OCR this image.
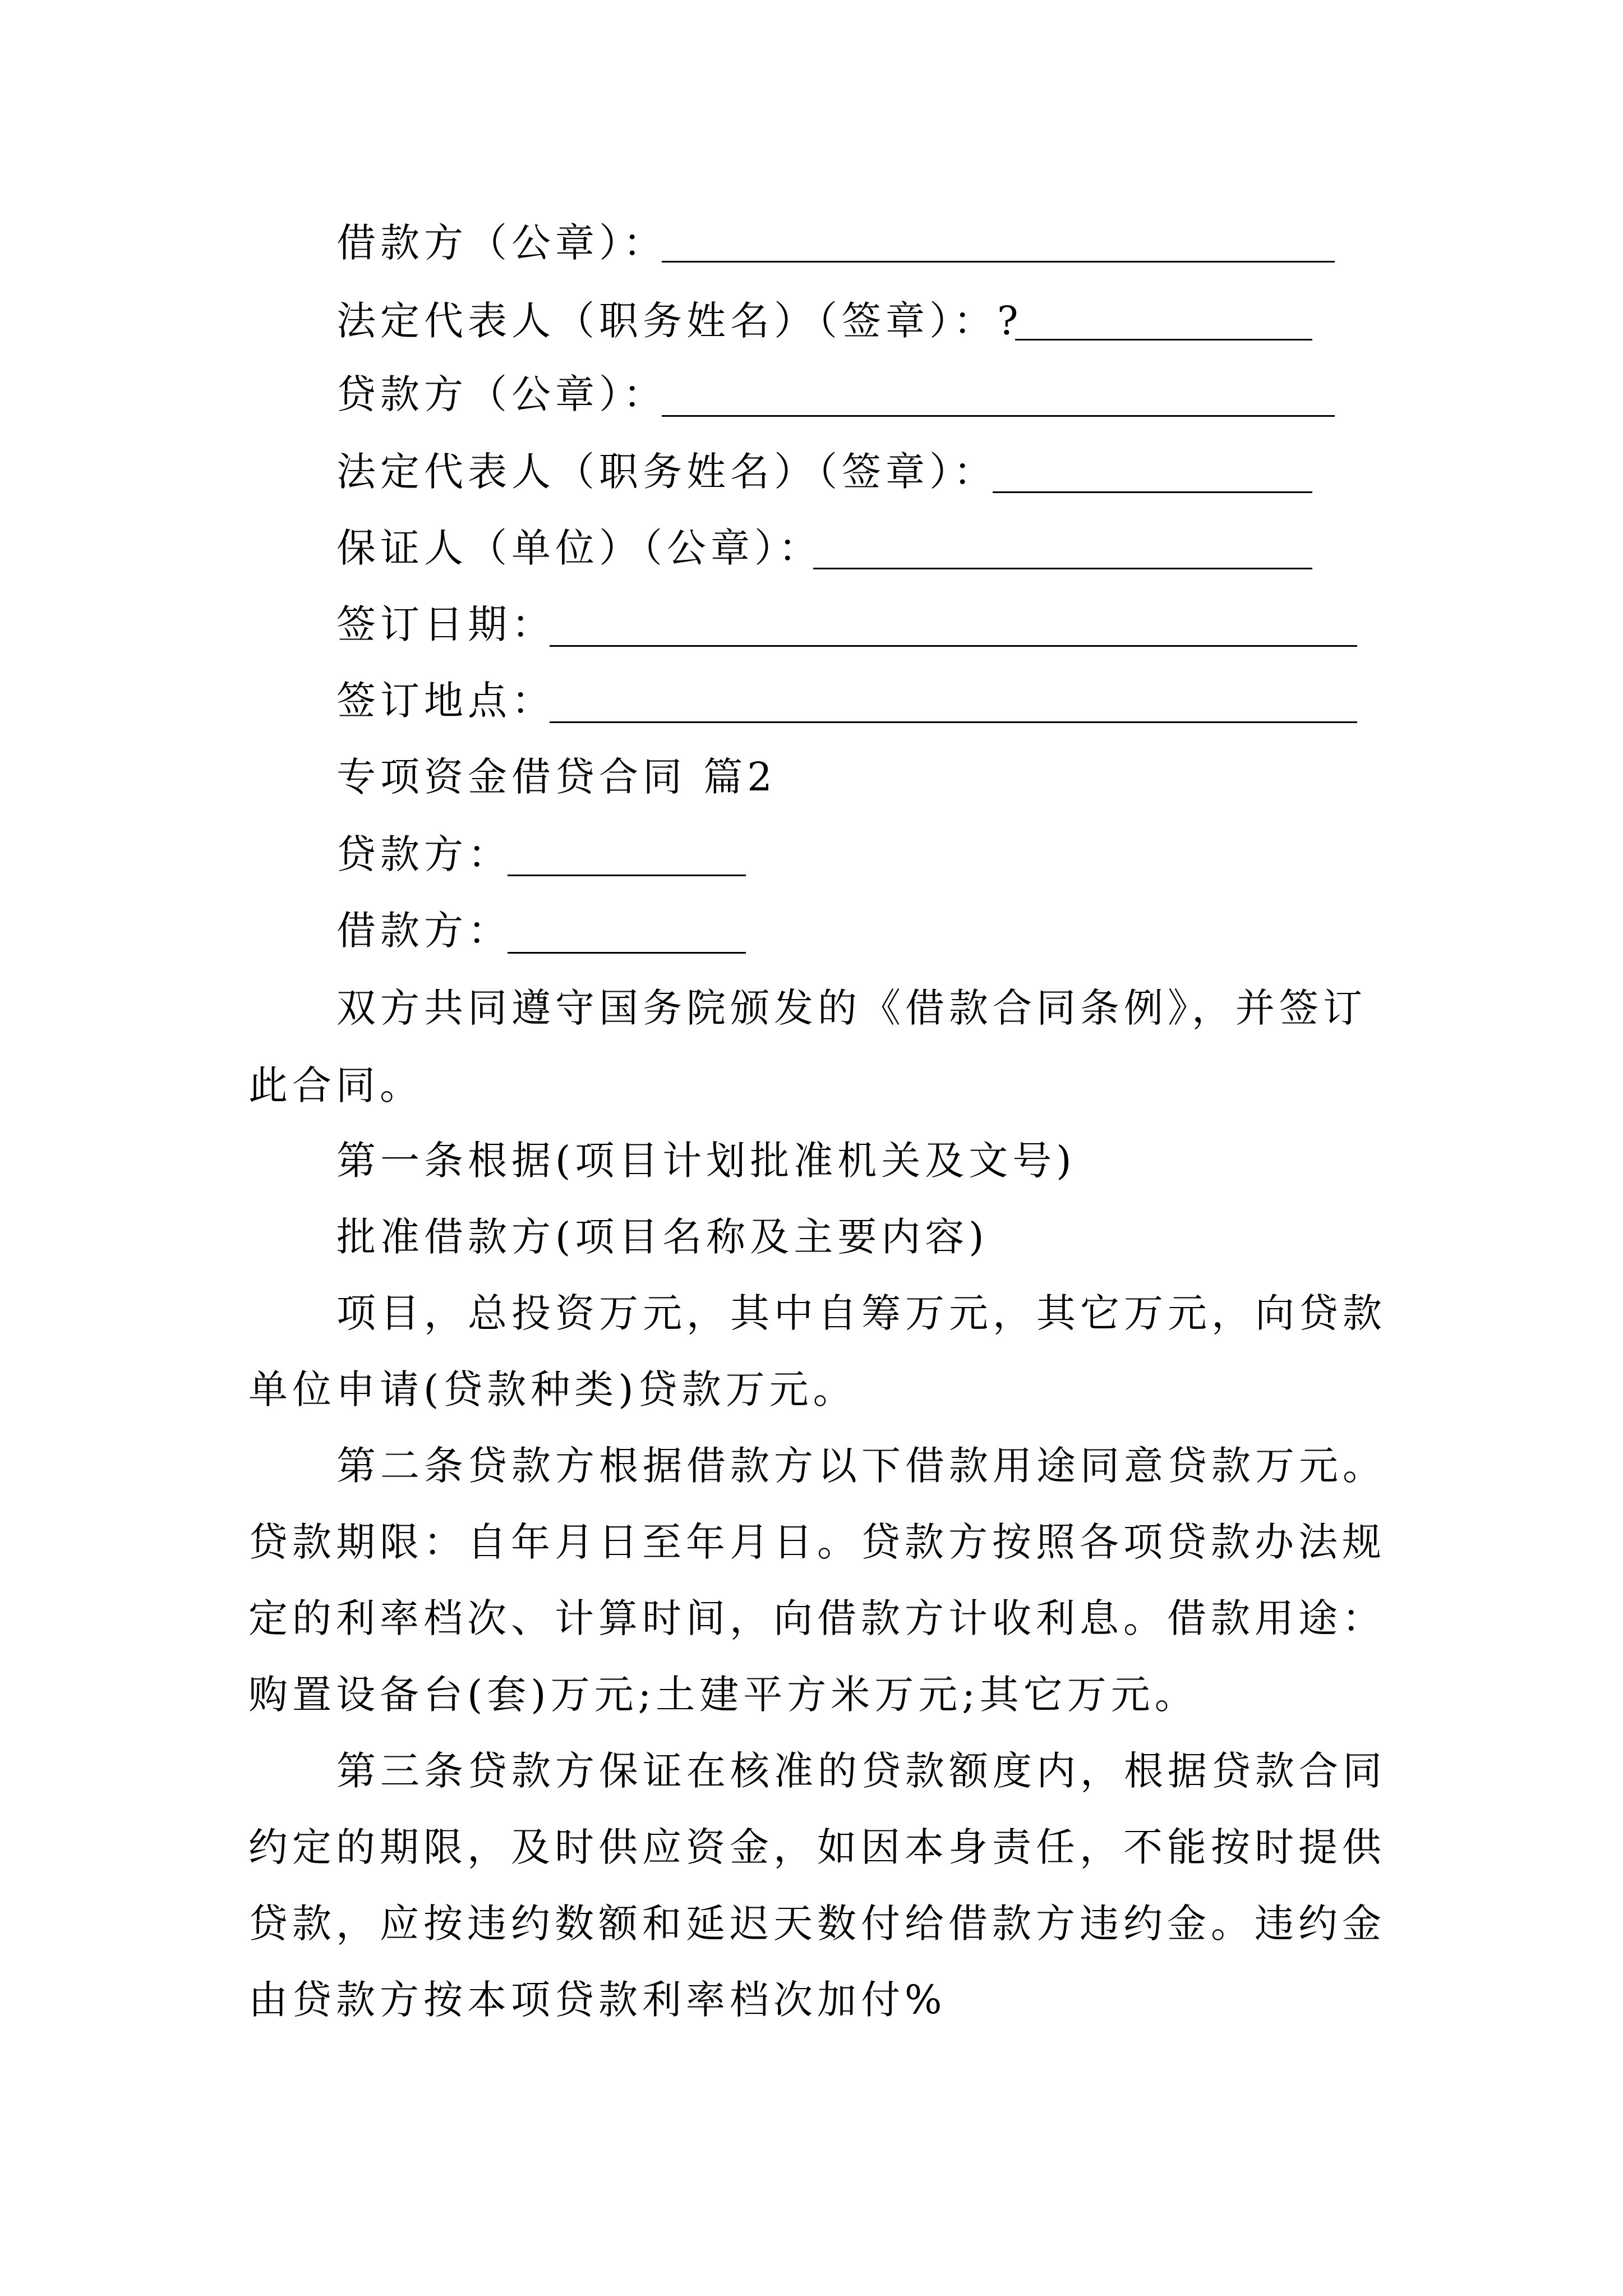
借款方（公章）：
法定代表人（职务姓名）（签章）：?
贷款方（公章）：
法定代表人（职务姓名）（签章）：
保证人（单位）（公章）：
签订日期：
签订地点：
专项资金借贷合同 篇2
贷款方：
借款方：
双方共同遵守国务院颁发的《借款合同条例》，并签订
此合同。
第一条根据(项目计划批准机关及文号)
批准借款方(项目名称及主要内容)
项目，总投资万元，其中自筹万元，其它万元，向贷款
单位申请(贷款种类)贷款万元。
第二条贷款方根据借款方以下借款用途同意贷款万元。
贷款期限：自年月日至年月日。贷款方按照各项贷款办法规
定的利率档次、计算时间，向借款方计收利息。借款用途：
购置设备台(套)万元;土建平方米万元;其它万元。
第三条贷款方保证在核准的贷款额度内，根据贷款合同
约定的期限，及时供应资金，如因本身责任，不能按时提供
贷款，应按违约数额和延迟天数付给借款方违约金。违约金
由贷款方按本项贷款利率档次加付%
